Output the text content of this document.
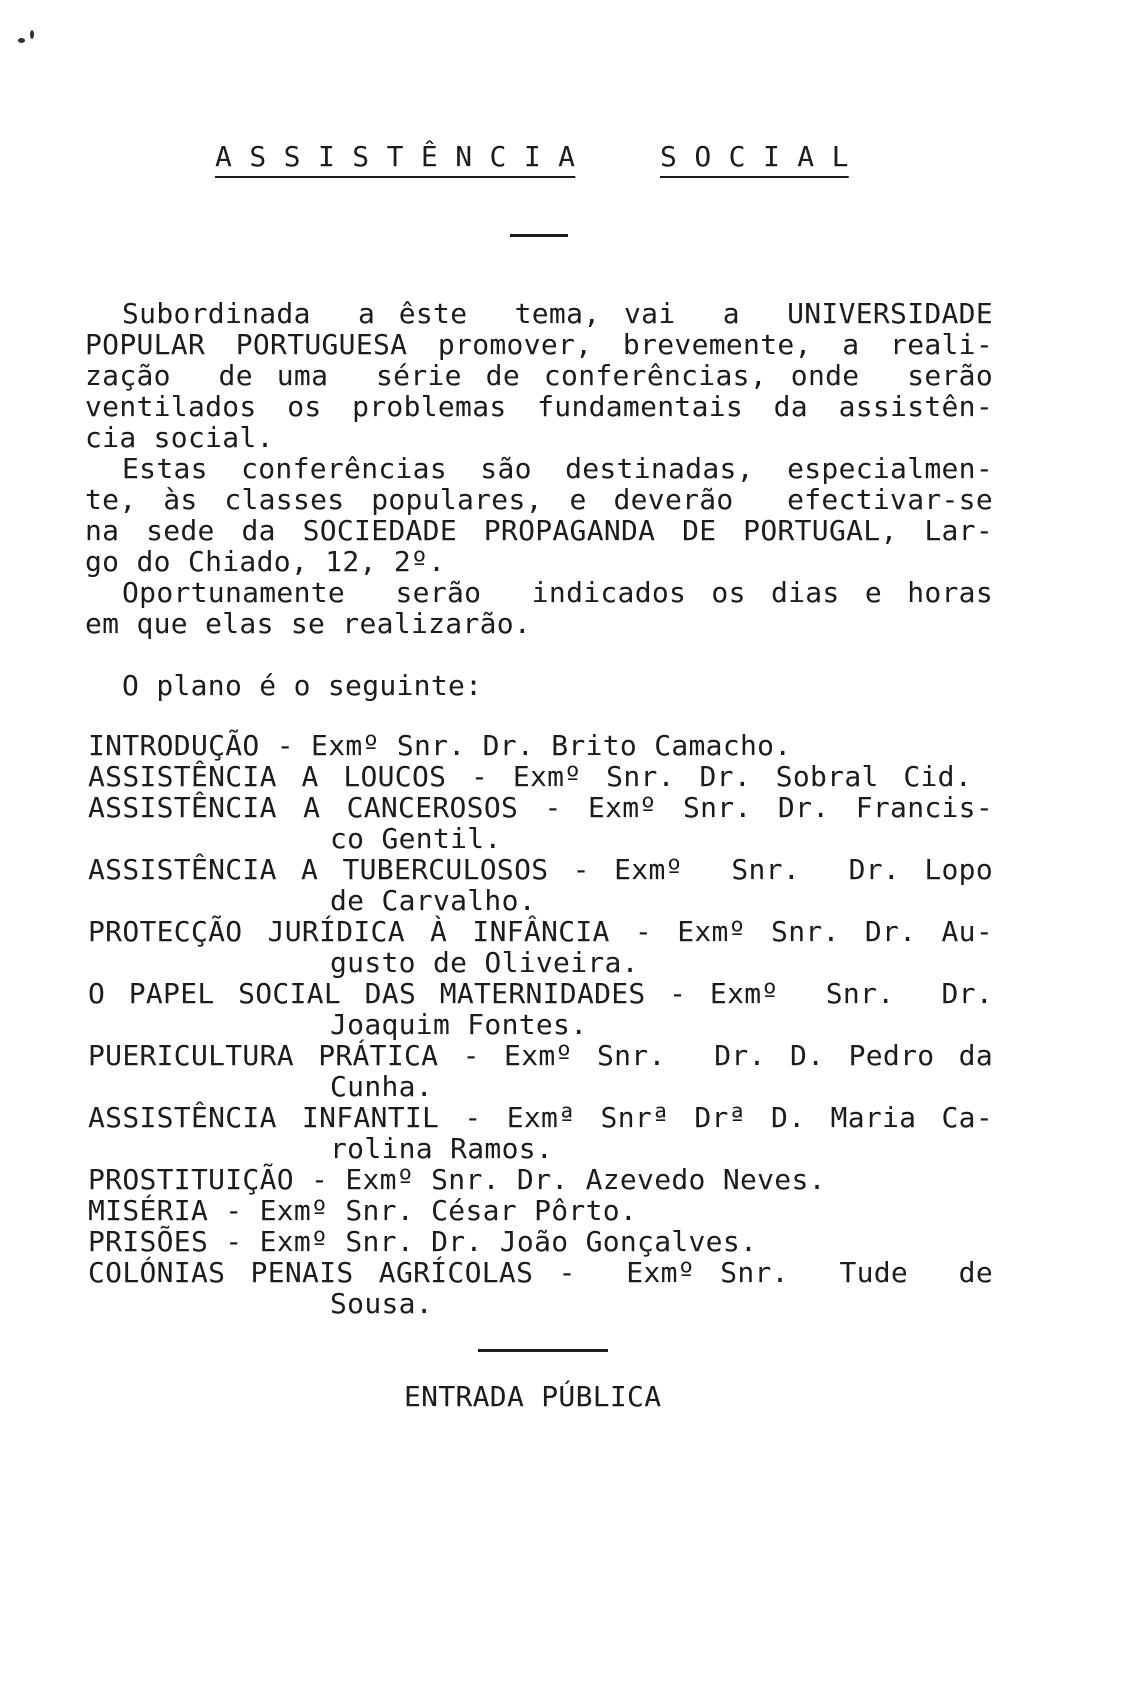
A S S I S T Ê N C I A	S O C I A L
Subordinada  a êste  tema, vai  a  UNIVERSIDADE
POPULAR PORTUGUESA promover, brevemente, a reali-
zação  de uma  série de conferências, onde  serão
ventilados os problemas fundamentais da assistên-
cia social.
Estas conferências são destinadas, especialmen-
te, às classes populares, e deverão  efectivar-se
na sede da SOCIEDADE PROPAGANDA DE PORTUGAL, Lar-
go do Chiado, 12, 2º.
Oportunamente  serão  indicados os dias e horas
em que elas se realizarão.
O plano é o seguinte:
INTRODUÇÃO - Exmº Snr. Dr. Brito Camacho.
ASSISTÊNCIA A LOUCOS - Exmº Snr. Dr. Sobral Cid.
ASSISTÊNCIA A CANCEROSOS - Exmº Snr. Dr. Francis-
co Gentil.
ASSISTÊNCIA A TUBERCULOSOS - Exmº  Snr.  Dr. Lopo
de Carvalho.
PROTECÇÃO JURÍDICA À INFÂNCIA - Exmº Snr. Dr. Au-
gusto de Oliveira.
O PAPEL SOCIAL DAS MATERNIDADES - Exmº  Snr.  Dr.
Joaquim Fontes.
PUERICULTURA PRÁTICA - Exmº Snr.  Dr. D. Pedro da
Cunha.
ASSISTÊNCIA INFANTIL - Exmª Snrª Drª D. Maria Ca-
rolina Ramos.
PROSTITUIÇÃO - Exmº Snr. Dr. Azevedo Neves.
MISÉRIA - Exmº Snr. César Pôrto.
PRISÕES - Exmº Snr. Dr. João Gonçalves.
COLÓNIAS PENAIS AGRÍCOLAS -  Exmº Snr.  Tude  de
Sousa.
ENTRADA PÚBLICA
